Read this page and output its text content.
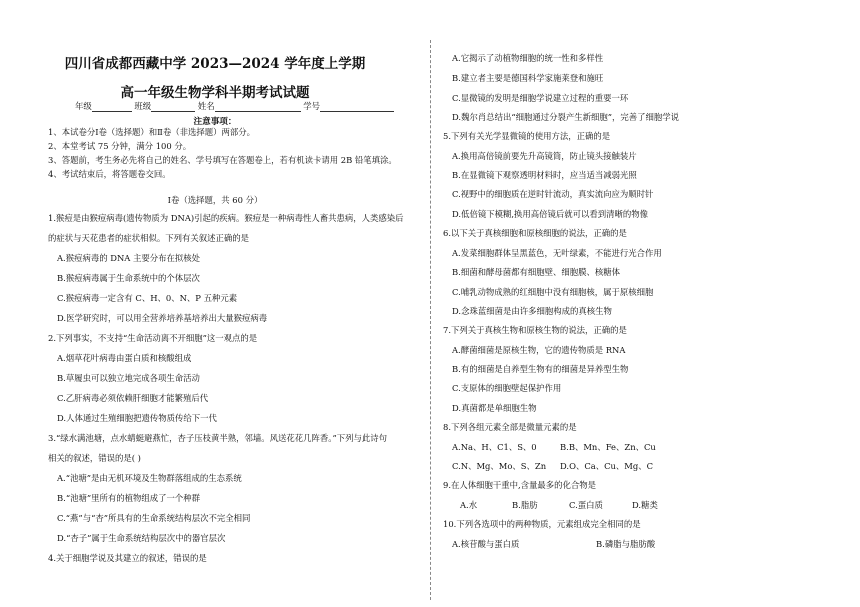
四川省成都西藏中学 2023—2024 学年度上学期
高一年级生物学科半期考试试题
年级	班级	姓名	学号
注意事项：
1、本试卷分Ⅰ卷（选择题）和Ⅱ卷（非选择题）两部分。
2、本堂考试 75 分钟，满分 100 分。
3、答题前，考生务必先将自己的姓名、学号填写在答题卷上，若有机读卡请用 2B 铅笔填涂。
4、考试结束后，将答题卷交回。
Ⅰ卷（选择题，共 60 分）
1.猴痘是由猴痘病毒(遗传物质为 DNA)引起的疾病。猴痘是一种病毒性人畜共患病，人类感染后
的症状与天花患者的症状相似。下列有关叙述正确的是
A.猴痘病毒的 DNA 主要分布在拟核处
B.猴痘病毒属于生命系统中的个体层次
C.猴痘病毒一定含有 C、H、0、N、P 五种元素
D.医学研究时，可以用全营养培养基培养出大量猴痘病毒
2.下列事实，不支持“生命活动离不开细胞”这一观点的是
A.烟草花叶病毒由蛋白质和核酸组成
B.草履虫可以独立地完成各项生命活动
C.乙肝病毒必须依赖肝细胞才能繁殖后代
D.人体通过生殖细胞把遗传物质传给下一代
3.“绿水满池塘，点水蜻蜓避燕忙，杏子压枝黄半熟，邻墙。风送花花几阵香。”下列与此诗句
相关的叙述，错误的是( )
A.“池塘”是由无机环境及生物群落组成的生态系统
B.“池塘”里所有的植物组成了一个种群
C.“燕”与“杏”所具有的生命系统结构层次不完全相同
D.“杏子”属于生命系统结构层次中的器官层次
4.关于细胞学说及其建立的叙述，错误的是
A.它揭示了动植物细胞的统一性和多样性
B.建立者主要是德国科学家施莱登和施旺
C.显微镜的发明是细胞学说建立过程的重要一环
D.魏尔肖总结出“细胞通过分裂产生新细胞”，完善了细胞学说
5.下列有关光学显微镜的使用方法，正确的是
A.换用高倍镜前要先升高镜筒，防止镜头接触装片
B.在显微镜下观察透明材料时，应当适当减弱光照
C.视野中的细胞质在逆时针流动，真实流向应为顺时针
D.低倍镜下模糊,换用高倍镜后就可以看到清晰的物像
6.以下关于真核细胞和原核细胞的说法，正确的是
A.发菜细胞群体呈黑蓝色，无叶绿素，不能进行光合作用
B.细菌和酵母菌都有细胞壁、细胞膜、核糖体
C.哺乳动物成熟的红细胞中没有细胞核，属于原核细胞
D.念珠蓝细菌是由许多细胞构成的真核生物
7.下列关于真核生物和原核生物的说法，正确的是
A.酵菌细菌是原核生物，它的遗传物质是 RNA
B.有的细菌是自养型生物有的细菌是异养型生物
C.支原体的细胞壁起保护作用
D.真菌都是单细胞生物
8.下列各组元素全部是微量元素的是
A.Na、H、C1、S、0	B.B、Mn、Fe、Zn、Cu
C.N、Mg、Mo、S、Zn D.O、Ca、Cu、Mg、C
9.在人体细胞干重中,含量最多的化合物是
A.水	B.脂肪	C.蛋白质	D.糖类
10.下列各选项中的两种物质，元素组成完全相同的是
A.核苷酸与蛋白质	B.磷脂与脂肪酸
